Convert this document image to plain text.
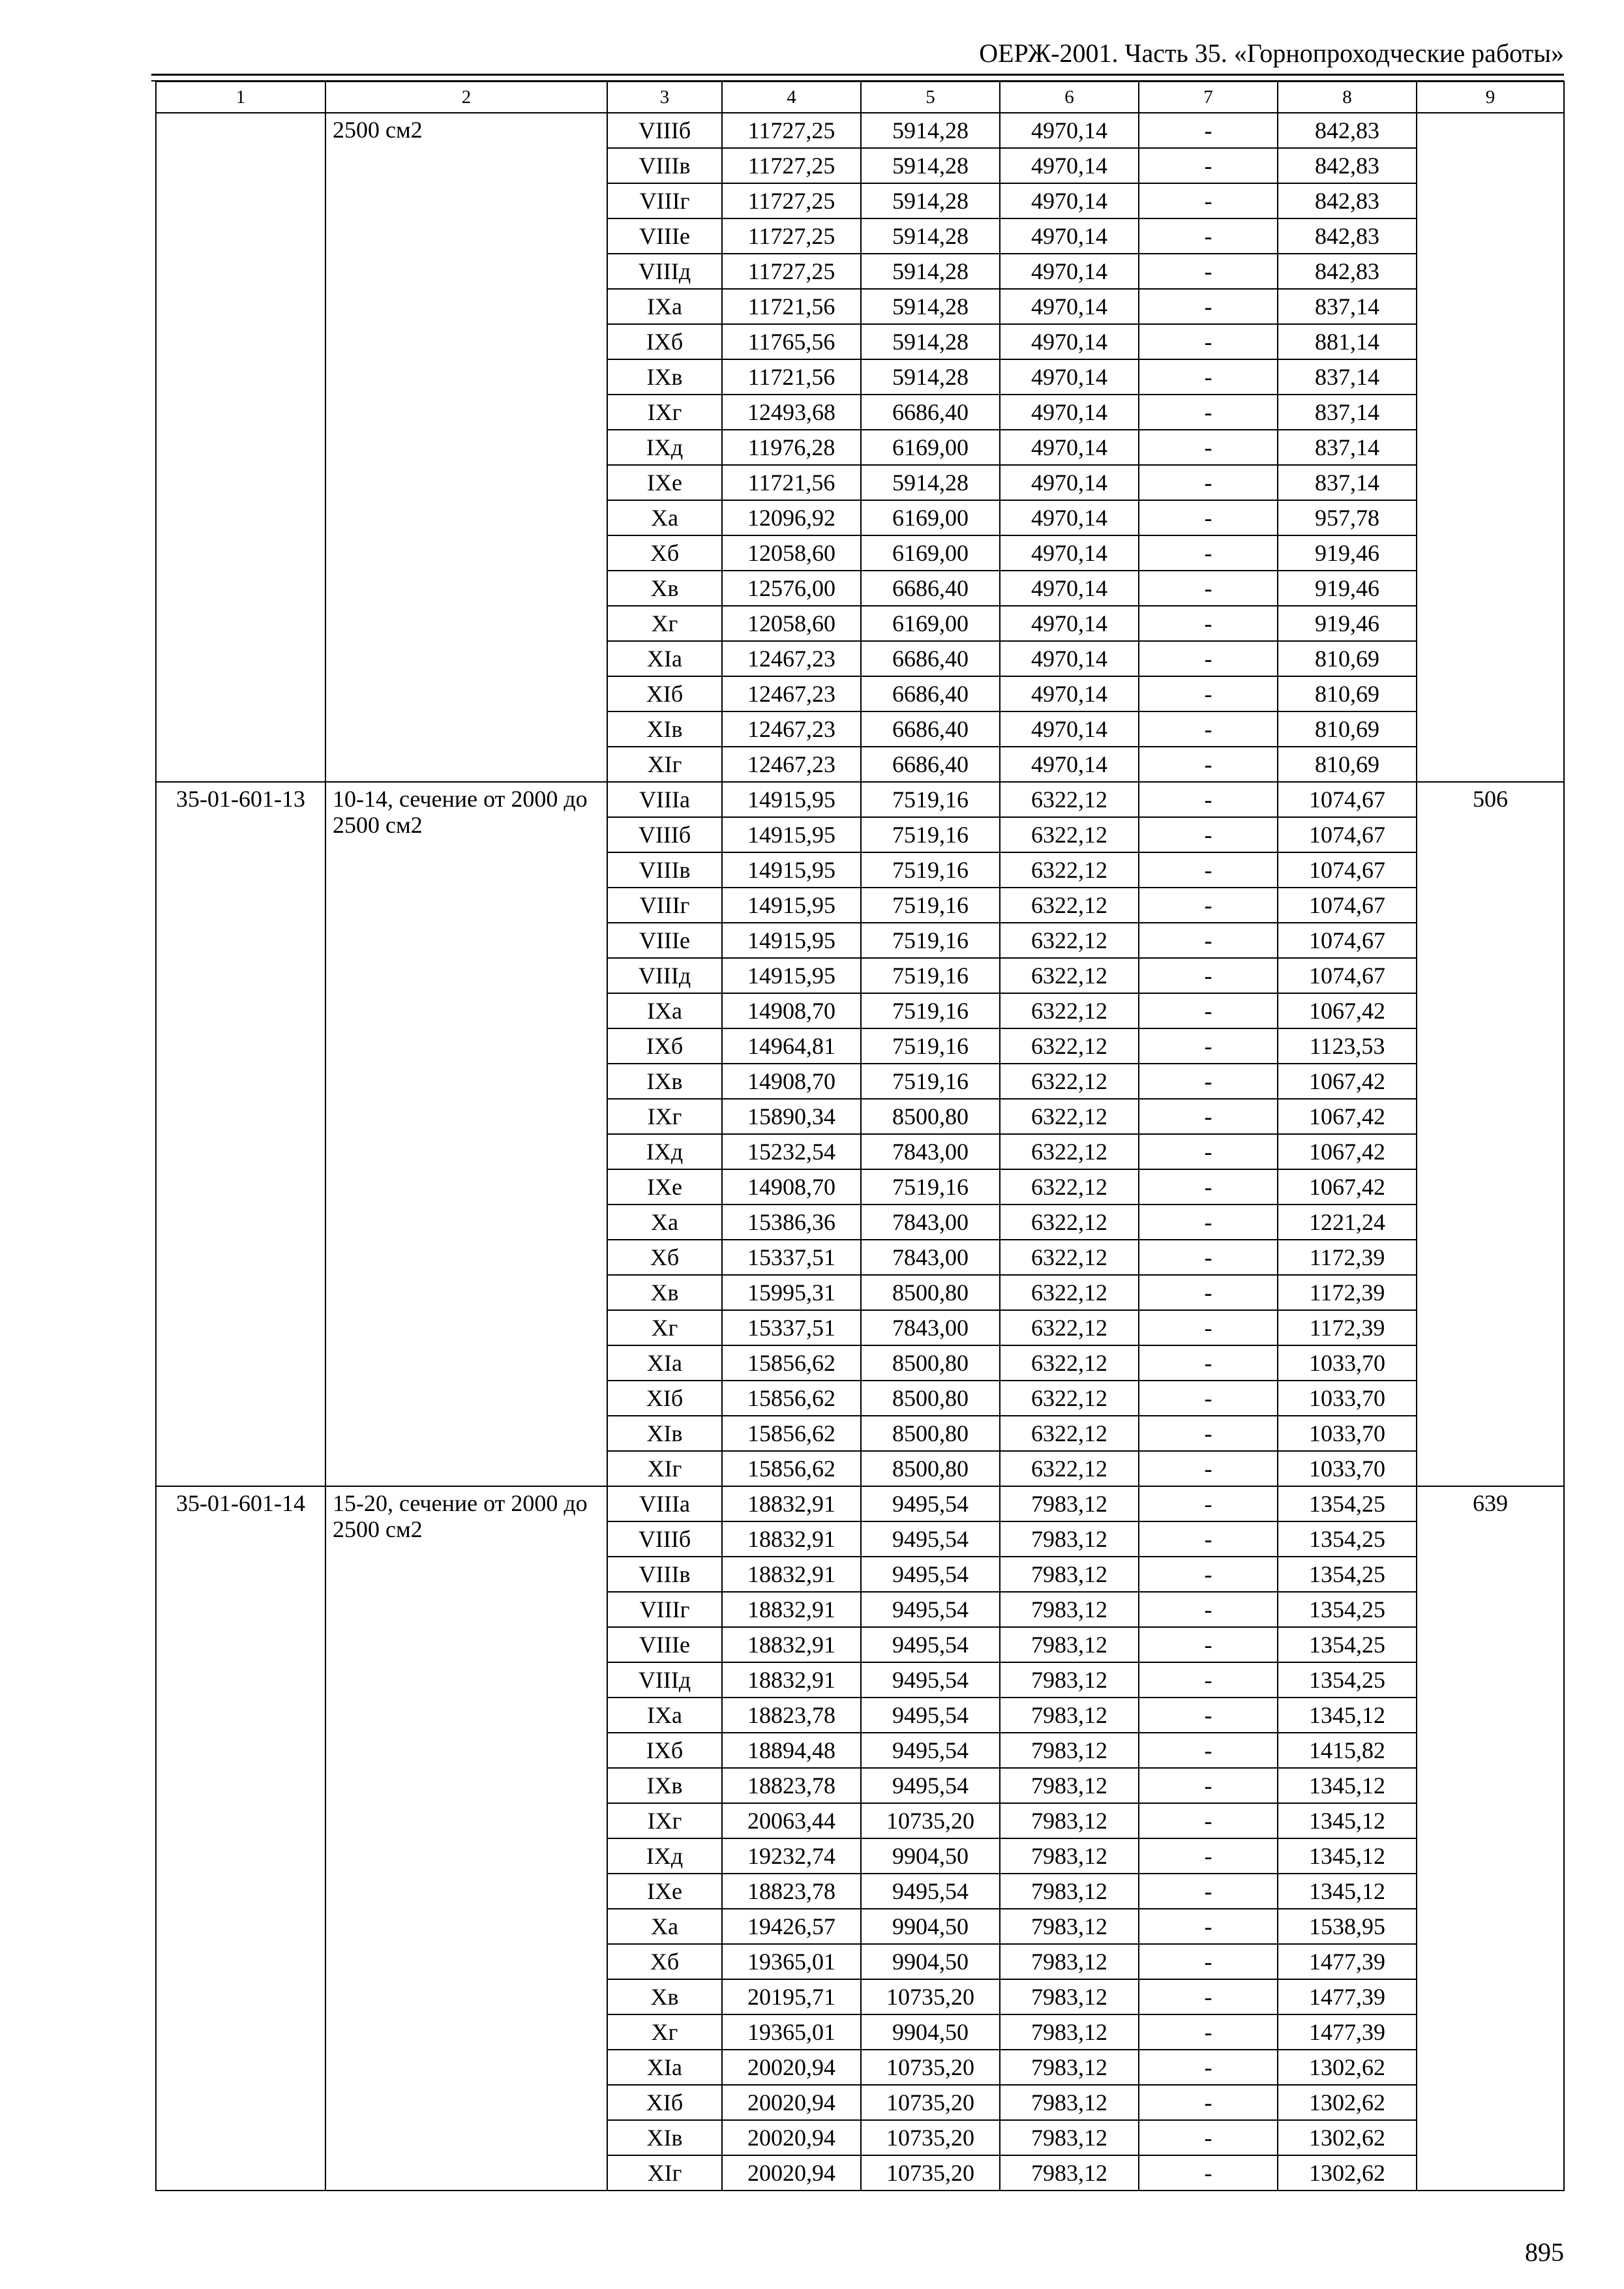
ОЕРЖ-2001. Часть 35. «Горнопроходческие работы»
1	2	3	4	5	6	7	8	9
	2500 см2	VIIIб	11727,25	5914,28	4970,14	-	842,83	
		VIIIв	11727,25	5914,28	4970,14	-	842,83	
		VIIIг	11727,25	5914,28	4970,14	-	842,83	
		VIIIе	11727,25	5914,28	4970,14	-	842,83	
		VIIIд	11727,25	5914,28	4970,14	-	842,83	
		IXа	11721,56	5914,28	4970,14	-	837,14	
		IXб	11765,56	5914,28	4970,14	-	881,14	
		IXв	11721,56	5914,28	4970,14	-	837,14	
		IXг	12493,68	6686,40	4970,14	-	837,14	
		IXд	11976,28	6169,00	4970,14	-	837,14	
		IXе	11721,56	5914,28	4970,14	-	837,14	
		Xа	12096,92	6169,00	4970,14	-	957,78	
		Xб	12058,60	6169,00	4970,14	-	919,46	
		Xв	12576,00	6686,40	4970,14	-	919,46	
		Xг	12058,60	6169,00	4970,14	-	919,46	
		XIа	12467,23	6686,40	4970,14	-	810,69	
		XIб	12467,23	6686,40	4970,14	-	810,69	
		XIв	12467,23	6686,40	4970,14	-	810,69	
		XIг	12467,23	6686,40	4970,14	-	810,69	
35-01-601-13	10-14, сечение от 2000 до 2500 см2	VIIIа	14915,95	7519,16	6322,12	-	1074,67	506
		VIIIб	14915,95	7519,16	6322,12	-	1074,67	
		VIIIв	14915,95	7519,16	6322,12	-	1074,67	
		VIIIг	14915,95	7519,16	6322,12	-	1074,67	
		VIIIе	14915,95	7519,16	6322,12	-	1074,67	
		VIIIд	14915,95	7519,16	6322,12	-	1074,67	
		IXа	14908,70	7519,16	6322,12	-	1067,42	
		IXб	14964,81	7519,16	6322,12	-	1123,53	
		IXв	14908,70	7519,16	6322,12	-	1067,42	
		IXг	15890,34	8500,80	6322,12	-	1067,42	
		IXд	15232,54	7843,00	6322,12	-	1067,42	
		IXе	14908,70	7519,16	6322,12	-	1067,42	
		Xа	15386,36	7843,00	6322,12	-	1221,24	
		Xб	15337,51	7843,00	6322,12	-	1172,39	
		Xв	15995,31	8500,80	6322,12	-	1172,39	
		Xг	15337,51	7843,00	6322,12	-	1172,39	
		XIа	15856,62	8500,80	6322,12	-	1033,70	
		XIб	15856,62	8500,80	6322,12	-	1033,70	
		XIв	15856,62	8500,80	6322,12	-	1033,70	
		XIг	15856,62	8500,80	6322,12	-	1033,70	
35-01-601-14	15-20, сечение от 2000 до 2500 см2	VIIIа	18832,91	9495,54	7983,12	-	1354,25	639
		VIIIб	18832,91	9495,54	7983,12	-	1354,25	
		VIIIв	18832,91	9495,54	7983,12	-	1354,25	
		VIIIг	18832,91	9495,54	7983,12	-	1354,25	
		VIIIе	18832,91	9495,54	7983,12	-	1354,25	
		VIIIд	18832,91	9495,54	7983,12	-	1354,25	
		IXа	18823,78	9495,54	7983,12	-	1345,12	
		IXб	18894,48	9495,54	7983,12	-	1415,82	
		IXв	18823,78	9495,54	7983,12	-	1345,12	
		IXг	20063,44	10735,20	7983,12	-	1345,12	
		IXд	19232,74	9904,50	7983,12	-	1345,12	
		IXе	18823,78	9495,54	7983,12	-	1345,12	
		Xа	19426,57	9904,50	7983,12	-	1538,95	
		Xб	19365,01	9904,50	7983,12	-	1477,39	
		Xв	20195,71	10735,20	7983,12	-	1477,39	
		Xг	19365,01	9904,50	7983,12	-	1477,39	
		XIа	20020,94	10735,20	7983,12	-	1302,62	
		XIб	20020,94	10735,20	7983,12	-	1302,62	
		XIв	20020,94	10735,20	7983,12	-	1302,62	
		XIг	20020,94	10735,20	7983,12	-	1302,62	
895
